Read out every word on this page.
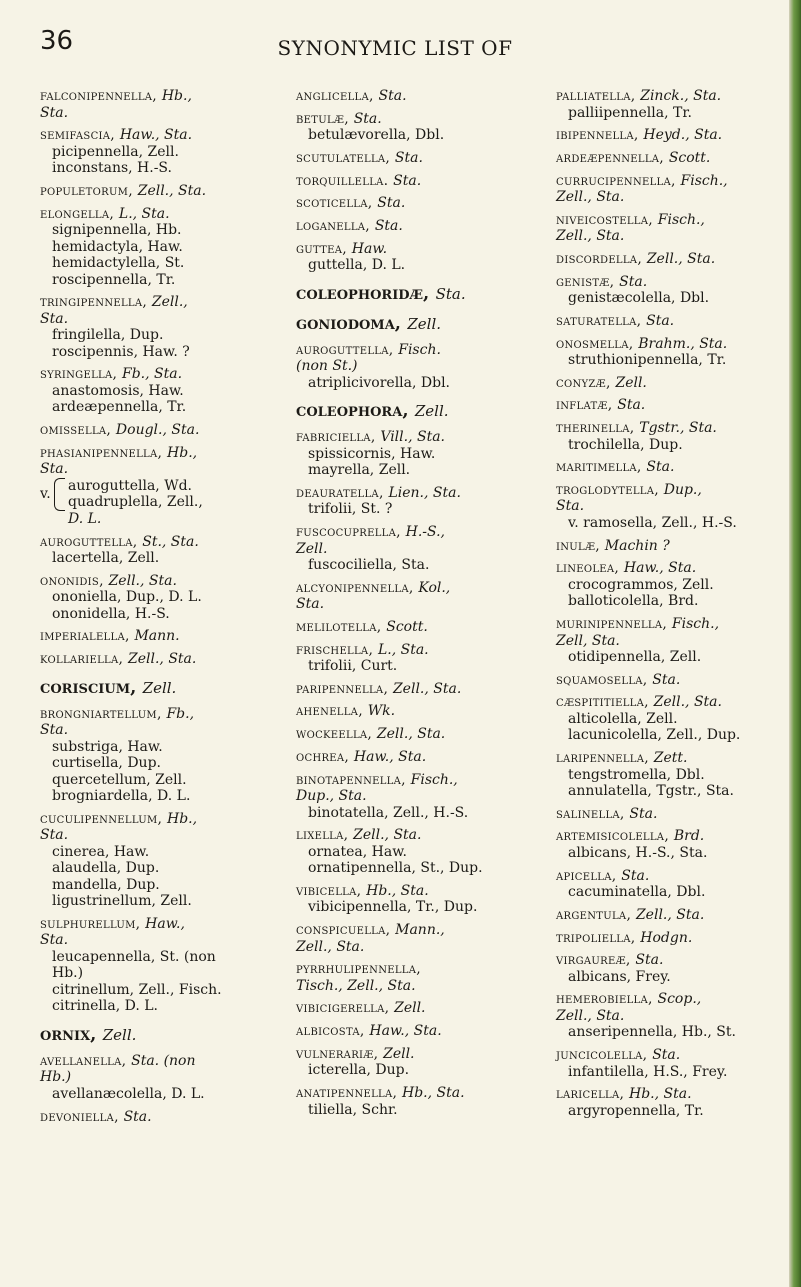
36	SYNONYMIC LIST OF
falconipennella, Hb.,
Sta.
semifascia, Haw., Sta.
picipennella, Zell.
inconstans, H.-S.
populetorum, Zell., Sta.
elongella, L., Sta.
signipennella, Hb.
hemidactyla, Haw.
hemidactylella, St.
roscipennella, Tr.
tringipennella, Zell.,
Sta.
fringilella, Dup.
roscipennis, Haw. ?
syringella, Fb., Sta.
anastomosis, Haw.
ardeæpennella, Tr.
omissella, Dougl., Sta.
phasianipennella, Hb.,
Sta.
v.
auroguttella, Wd.
quadruplella, Zell.,
D. L.
auroguttella, St., Sta.
lacertella, Zell.
ononidis, Zell., Sta.
ononiella, Dup., D. L.
ononidella, H.-S.
imperialella, Mann.
kollariella, Zell., Sta.
coriscium, Zell.
brongniartellum, Fb.,
Sta.
substriga, Haw.
curtisella, Dup.
quercetellum, Zell.
brogniardella, D. L.
cuculipennellum, Hb.,
Sta.
cinerea, Haw.
alaudella, Dup.
mandella, Dup.
ligustrinellum, Zell.
sulphurellum, Haw.,
Sta.
leucapennella, St. (non
Hb.)
citrinellum, Zell., Fisch.
citrinella, D. L.
ornix, Zell.
avellanella, Sta. (non
Hb.)
avellanæcolella, D. L.
devoniella, Sta.
anglicella, Sta.
betulæ, Sta.
betulævorella, Dbl.
scutulatella, Sta.
torquillella. Sta.
scoticella, Sta.
loganella, Sta.
guttea, Haw.
guttella, D. L.
coleophoridæ, Sta.
goniodoma, Zell.
auroguttella, Fisch.
(non St.)
atriplicivorella, Dbl.
coleophora, Zell.
fabriciella, Vill., Sta.
spissicornis, Haw.
mayrella, Zell.
deauratella, Lien., Sta.
trifolii, St. ?
fuscocuprella, H.-S.,
Zell.
fuscociliella, Sta.
alcyonipennella, Kol.,
Sta.
melilotella, Scott.
frischella, L., Sta.
trifolii, Curt.
paripennella, Zell., Sta.
ahenella, Wk.
wockeella, Zell., Sta.
ochrea, Haw., Sta.
binotapennella, Fisch.,
Dup., Sta.
binotatella, Zell., H.-S.
lixella, Zell., Sta.
ornatea, Haw.
ornatipennella, St., Dup.
vibicella, Hb., Sta.
vibicipennella, Tr., Dup.
conspicuella, Mann.,
Zell., Sta.
pyrrhulipennella,
Tisch., Zell., Sta.
vibicigerella, Zell.
albicosta, Haw., Sta.
vulnerariæ, Zell.
icterella, Dup.
anatipennella, Hb., Sta.
tiliella, Schr.
palliatella, Zinck., Sta.
palliipennella, Tr.
ibipennella, Heyd., Sta.
ardeæpennella, Scott.
currucipennella, Fisch.,
Zell., Sta.
niveicostella, Fisch.,
Zell., Sta.
discordella, Zell., Sta.
genistæ, Sta.
genistæcolella, Dbl.
saturatella, Sta.
onosmella, Brahm., Sta.
struthionipennella, Tr.
conyzæ, Zell.
inflatæ, Sta.
therinella, Tgstr., Sta.
trochilella, Dup.
maritimella, Sta.
troglodytella, Dup.,
Sta.
v. ramosella, Zell., H.-S.
inulæ, Machin ?
lineolea, Haw., Sta.
crocogrammos, Zell.
balloticolella, Brd.
murinipennella, Fisch.,
Zell, Sta.
otidipennella, Zell.
squamosella, Sta.
cæspititiella, Zell., Sta.
alticolella, Zell.
lacunicolella, Zell., Dup.
laripennella, Zett.
tengstromella, Dbl.
annulatella, Tgstr., Sta.
salinella, Sta.
artemisicolella, Brd.
albicans, H.-S., Sta.
apicella, Sta.
cacuminatella, Dbl.
argentula, Zell., Sta.
tripoliella, Hodgn.
virgaureæ, Sta.
albicans, Frey.
hemerobiella, Scop.,
Zell., Sta.
anseripennella, Hb., St.
juncicolella, Sta.
infantilella, H.S., Frey.
laricella, Hb., Sta.
argyropennella, Tr.
